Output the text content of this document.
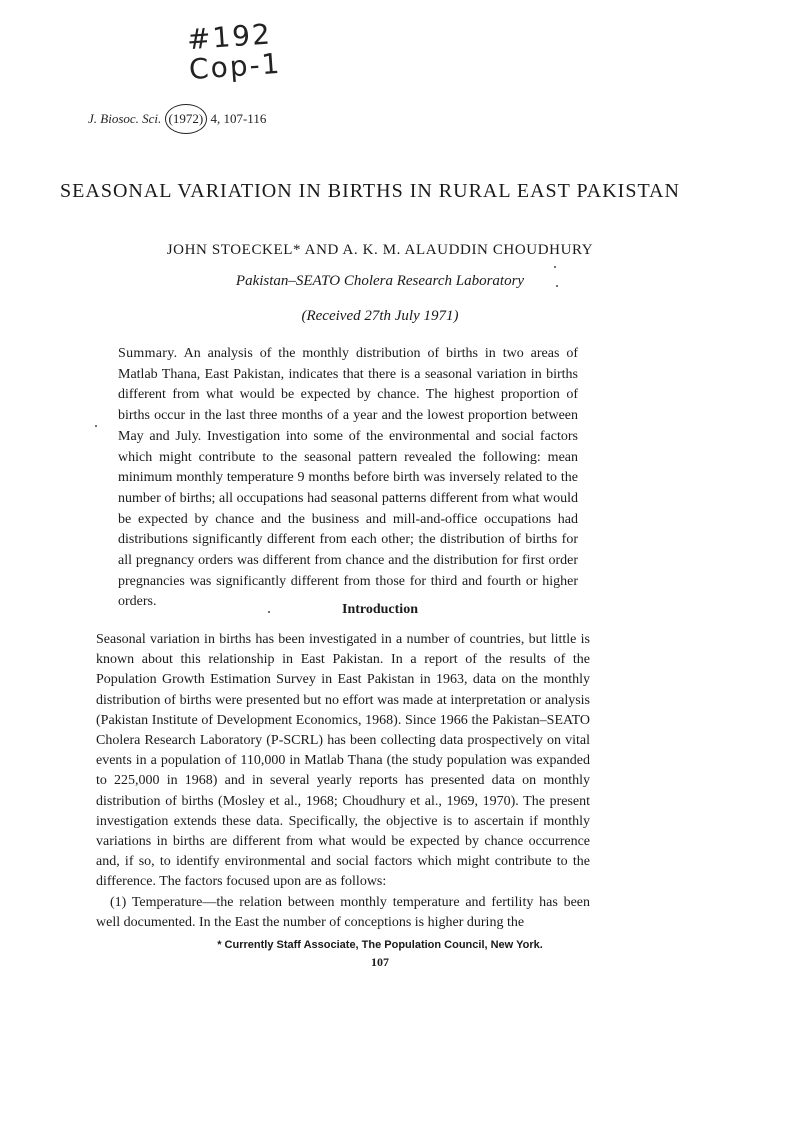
#192
Cop-1
J. Biosoc. Sci. (1972) 4, 107-116
SEASONAL VARIATION IN BIRTHS IN RURAL EAST PAKISTAN
JOHN STOECKEL* AND A. K. M. ALAUDDIN CHOUDHURY
Pakistan–SEATO Cholera Research Laboratory
(Received 27th July 1971)
Summary. An analysis of the monthly distribution of births in two areas of Matlab Thana, East Pakistan, indicates that there is a seasonal variation in births different from what would be expected by chance. The highest proportion of births occur in the last three months of a year and the lowest proportion between May and July. Investigation into some of the environmental and social factors which might contribute to the seasonal pattern revealed the following: mean minimum monthly temperature 9 months before birth was inversely related to the number of births; all occupations had seasonal patterns different from what would be expected by chance and the business and mill-and-office occupations had distributions significantly different from each other; the distribution of births for all pregnancy orders was different from chance and the distribution for first order pregnancies was significantly different from those for third and fourth or higher orders.
Introduction

Seasonal variation in births has been investigated in a number of countries, but little is known about this relationship in East Pakistan. In a report of the results of the Population Growth Estimation Survey in East Pakistan in 1963, data on the monthly distribution of births were presented but no effort was made at interpretation or analysis (Pakistan Institute of Development Economics, 1968). Since 1966 the Pakistan–SEATO Cholera Research Laboratory (P-SCRL) has been collecting data prospectively on vital events in a population of 110,000 in Matlab Thana (the study population was expanded to 225,000 in 1968) and in several yearly reports has presented data on monthly distribution of births (Mosley et al., 1968; Choudhury et al., 1969, 1970). The present investigation extends these data. Specifically, the objective is to ascertain if monthly variations in births are different from what would be expected by chance occurrence and, if so, to identify environmental and social factors which might contribute to the difference. The factors focused upon are as follows:

(1) Temperature—the relation between monthly temperature and fertility has been well documented. In the East the number of conceptions is higher during the

* Currently Staff Associate, The Population Council, New York.
107
